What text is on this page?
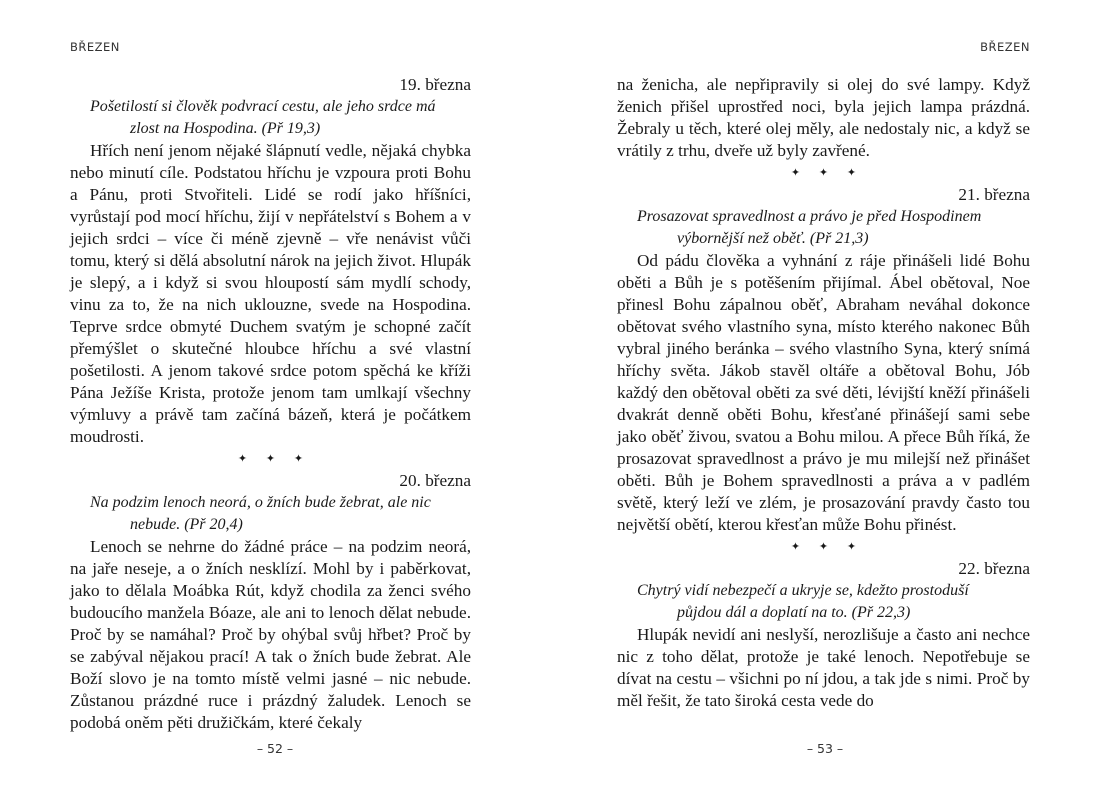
BŘEZEN
19. března
Pošetilostí si člověk podvrací cestu, ale jeho srdce má
zlost na Hospodina. (Př 19,3)

Hřích není jenom nějaké šlápnutí vedle, nějaká chybka nebo minutí cíle. Podstatou hříchu je vzpoura proti Bohu a Pánu, proti Stvořiteli. Lidé se rodí jako hříšníci, vyrůstají pod mocí hříchu, žijí v nepřátelství s Bohem a v jejich srdci – více či méně zjevně – vře nenávist vůči tomu, který si dělá absolutní nárok na jejich život. Hlupák je slepý, a i když si svou hloupostí sám mydlí schody, vinu za to, že na nich uklouzne, svede na Hospodina. Teprve srdce obmyté Duchem svatým je schopné začít přemýšlet o skutečné hloubce hříchu a své vlastní pošetilosti. A jenom takové srdce potom spěchá ke kříži Pána Ježíše Krista, protože jenom tam umlkají všechny výmluvy a právě tam začíná bázeň, která je počátkem moudrosti.

✦ ✦ ✦
20. března
Na podzim lenoch neorá, o žních bude žebrat, ale nic
nebude. (Př 20,4)

Lenoch se nehrne do žádné práce – na podzim neorá, na jaře neseje, a o žních nesklízí. Mohl by i paběrkovat, jako to dělala Moábka Rút, když chodila za ženci svého budoucího manžela Bóaze, ale ani to lenoch dělat nebude. Proč by se namáhal? Proč by ohýbal svůj hřbet? Proč by se zabýval nějakou prací! A tak o žních bude žebrat. Ale Boží slovo je na tomto místě velmi jasné – nic nebude. Zůstanou prázdné ruce i prázdný žaludek. Lenoch se podobá oněm pěti družičkám, které čekaly

– 52 –
BŘEZEN

na ženicha, ale nepřipravily si olej do své lampy. Když ženich přišel uprostřed noci, byla jejich lampa prázdná. Žebraly u těch, které olej měly, ale nedostaly nic, a když se vrátily z trhu, dveře už byly zavřené.

✦ ✦ ✦
21. března
Prosazovat spravedlnost a právo je před Hospodinem
výbornější než oběť. (Př 21,3)

Od pádu člověka a vyhnání z ráje přinášeli lidé Bohu oběti a Bůh je s potěšením přijímal. Ábel obětoval, Noe přinesl Bohu zápalnou oběť, Abraham neváhal dokonce obětovat svého vlastního syna, místo kterého nakonec Bůh vybral jiného beránka – svého vlastního Syna, který snímá hříchy světa. Jákob stavěl oltáře a obětoval Bohu, Jób každý den obětoval oběti za své děti, lévijští kněží přinášeli dvakrát denně oběti Bohu, křesťané přinášejí sami sebe jako oběť živou, svatou a Bohu milou. A přece Bůh říká, že prosazovat spravedlnost a právo je mu milejší než přinášet oběti. Bůh je Bohem spravedlnosti a práva a v padlém světě, který leží ve zlém, je prosazování pravdy často tou největší obětí, kterou křesťan může Bohu přinést.

✦ ✦ ✦
22. března
Chytrý vidí nebezpečí a ukryje se, kdežto prostoduší
půjdou dál a doplatí na to. (Př 22,3)

Hlupák nevidí ani neslyší, nerozlišuje a často ani nechce nic z toho dělat, protože je také lenoch. Nepotřebuje se dívat na cestu – všichni po ní jdou, a tak jde s nimi. Proč by měl řešit, že tato široká cesta vede do

– 53 –
